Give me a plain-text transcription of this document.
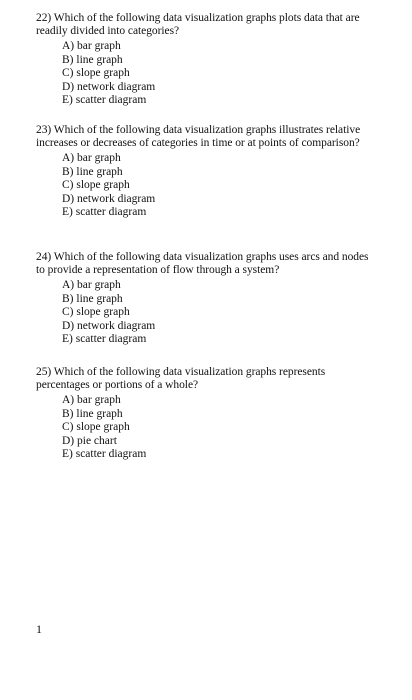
22) Which of the following data visualization graphs plots data that are readily divided into categories?

A) bar graph
B) line graph
C) slope graph
D) network diagram
E) scatter diagram

23) Which of the following data visualization graphs illustrates relative increases or decreases of categories in time or at points of comparison?

A) bar graph
B) line graph
C) slope graph
D) network diagram
E) scatter diagram

24) Which of the following data visualization graphs uses arcs and nodes to provide a representation of flow through a system?

A) bar graph
B) line graph
C) slope graph
D) network diagram
E) scatter diagram

25) Which of the following data visualization graphs represents percentages or portions of a whole?

A) bar graph
B) line graph
C) slope graph
D) pie chart
E) scatter diagram
1
